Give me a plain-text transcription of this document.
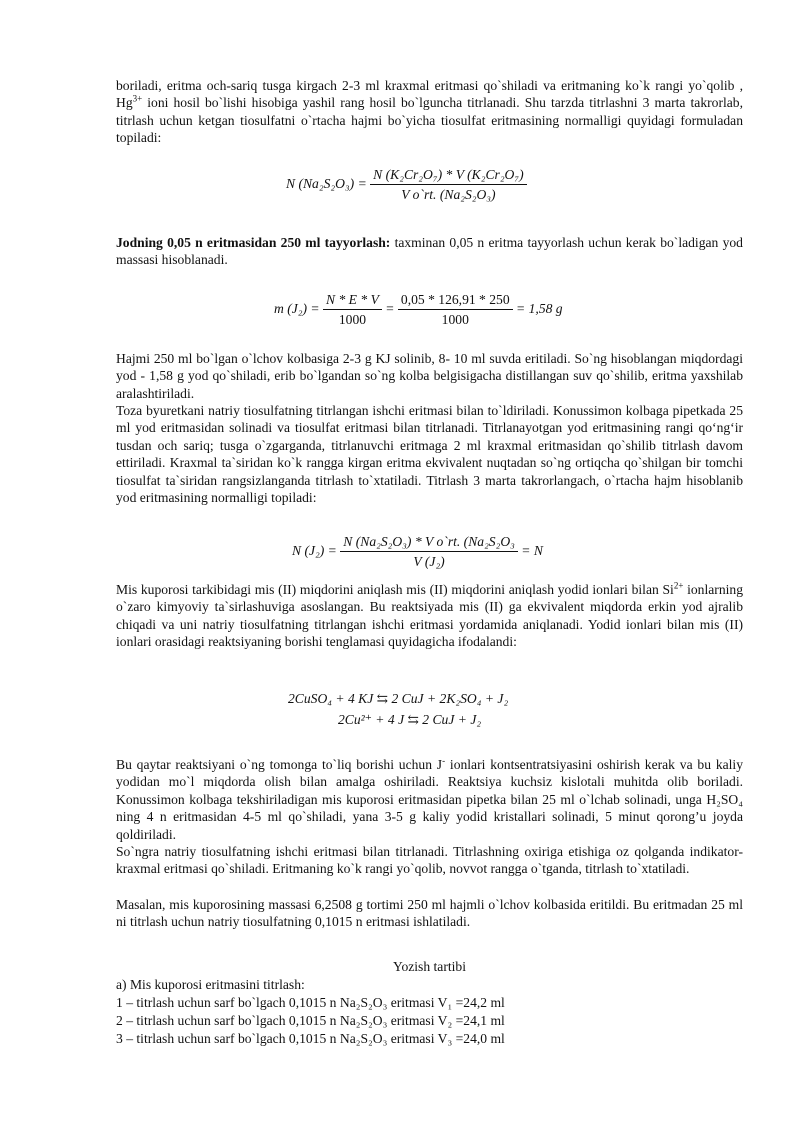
boriladi, eritma och-sariq tusga kirgach 2-3 ml kraxmal eritmasi qo`shiladi va eritmaning ko`k rangi yo`qolib , $Hg^{3+}$ ioni hosil bo`lishi hisobiga yashil rang hosil bo`lguncha titrlanadi. Shu tarzda titrlashni 3 marta takrorlab, titrlash uchun ketgan tiosulfatni o`rtacha hajmi bo`yicha tiosulfat eritmasining normalligi quyidagi formuladan topiladi:

N $(Na_2S_2O_3) = \frac{\text{N (K₂Cr₂O₇) * V (K₂Cr₂O₇)}}{\text{V o`rt. (Na₂S₂O₃)}}$

Jodning 0,05 n eritmasidan 250 ml tayyorlash: taxminan 0,05 n eritma tayyorlash uchun kerak bo`ladigan yod massasi hisoblanadi.

m $(J_2) = \frac{N * E * V}{1000} = \frac{0,05 * 126,91 * 250}{1000} = 1,58$ g

Hajmi 250 ml bo`lgan o`lchov kolbasiga 2-3 g KJ solinib, 8- 10 ml suvda eritiladi. So`ng hisoblangan miqdordagi yod - 1,58 g yod qo`shiladi, erib bo`lgandan so`ng kolba belgisigacha distillangan suv qo`shilib, eritma yaxshilab aralashtiriladi.

Toza byuretkani natriy tiosulfatning titrlangan ishchi eritmasi bilan to`ldiriladi. Konussimon kolbaga pipetkada 25 ml yod eritmasidan solinadi va tiosulfat eritmasi bilan titrlanadi. Titrlanayotgan yod eritmasining rangi qo‘ng‘ir tusdan och sariq; tusga o`zgarganda, titrlanuvchi eritmaga 2 ml kraxmal eritmasidan qo`shilib titrlash davom ettiriladi. Kraxmal ta`siridan ko`k rangga kirgan eritma ekvivalent nuqtadan so`ng ortiqcha qo`shilgan bir tomchi tiosulfat ta`siridan rangsizlanganda titrlash to`xtatiladi. Titrlash 3 marta takrorlangach, o`rtacha hajm hisoblanib yod eritmasining normalligi topiladi:

N $(J_2) = \frac{\text{N (Na₂S₂O₃) * V o`rt. (Na₂S₂O₃}}{\text{V (J₂)}} = N$

Mis kuporosi tarkibidagi mis (II) miqdorini aniqlash mis (II) miqdorini aniqlash yodid ionlari bilan $Si^{2+}$ ionlarning o`zaro kimyoviy ta`sirlashuviga asoslangan. Bu reaktsiyada mis (II) ga ekvivalent miqdorda erkin yod ajralib chiqadi va uni natriy tiosulfatning titrlangan ishchi eritmasi yordamida aniqlanadi. Yodid ionlari bilan mis (II) ionlari orasidagi reaktsiyaning borishi tenglamasi quyidagicha ifodalandi:

2CuSO₄ + 4 KJ ⇆ 2 CuJ + 2K₂SO₄ + J₂
2Cu²⁺ + 4 J ⇆ 2 CuJ + J₂

Bu qaytar reaktsiyani o`ng tomonga to`liq borishi uchun J- ionlari kontsentratsiyasini oshirish kerak va bu kaliy yodidan mo`l miqdorda olish bilan amalga oshiriladi. Reaktsiya kuchsiz kislotali muhitda olib boriladi. Konussimon kolbaga tekshiriladigan mis kuporosi eritmasidan pipetka bilan 25 ml o`lchab solinadi, unga H₂SO₄ ning 4 n eritmasidan 4-5 ml qo`shiladi, yana 3-5 g kaliy yodid kristallari solinadi, 5 minut qorong’u joyda qoldiriladi.

So`ngra natriy tiosulfatning ishchi eritmasi bilan titrlanadi. Titrlashning oxiriga etishiga oz qolganda indikator-kraxmal eritmasi qo`shiladi. Eritmaning ko`k rangi yo`qolib, novvot rangga o`tganda, titrlash to`xtatiladi.

Masalan, mis kuporosining massasi 6,2508 g tortimi 250 ml hajmli o`lchov kolbasida eritildi. Bu eritmadan 25 ml ni titrlash uchun natriy tiosulfatning 0,1015 n eritmasi ishlatiladi.

Yozish tartibi
a) Mis kuporosi eritmasini titrlash:
1 – titrlash uchun sarf bo`lgach 0,1015 n Na₂S₂O₃ eritmasi V₁ =24,2 ml
2 – titrlash uchun sarf bo`lgach 0,1015 n Na₂S₂O₃ eritmasi V₂ =24,1 ml
3 – titrlash uchun sarf bo`lgach 0,1015 n Na₂S₂O₃ eritmasi V₃ =24,0 ml
